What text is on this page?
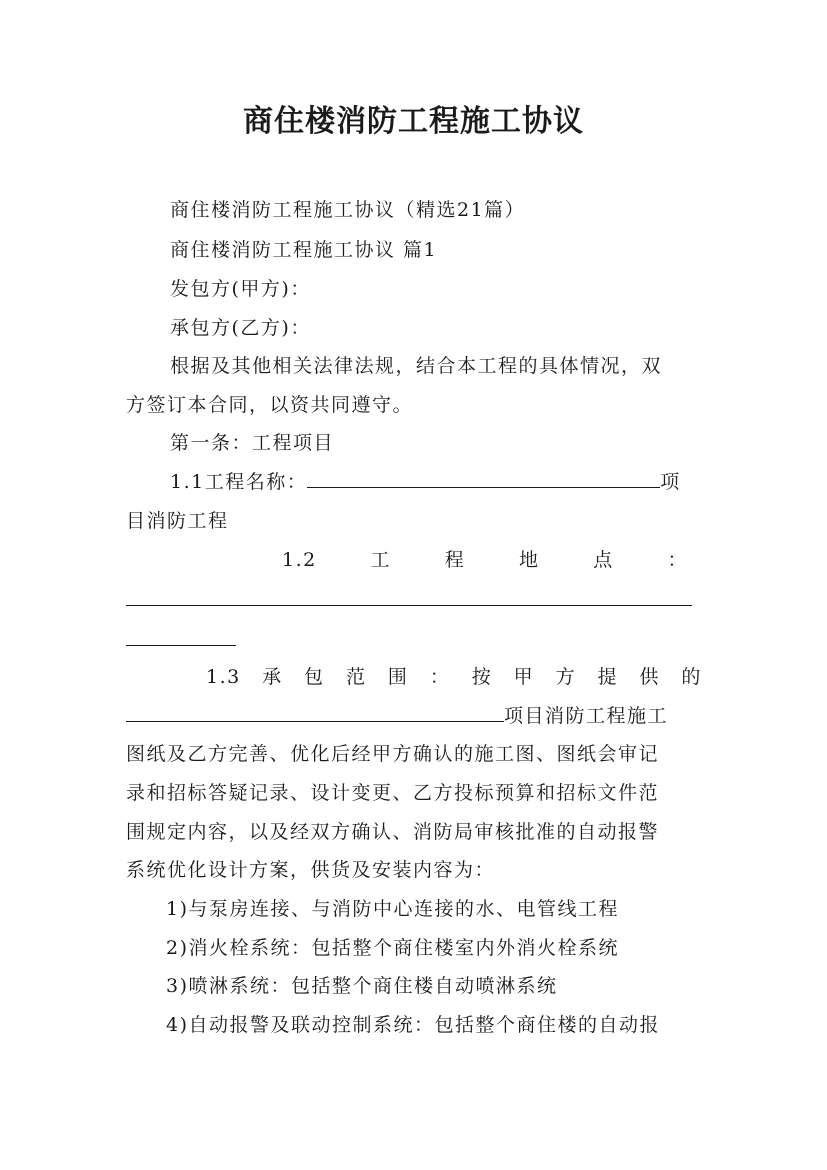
商住楼消防工程施工协议
商住楼消防工程施工协议（精选21篇）
商住楼消防工程施工协议 篇1
发包方(甲方)：
承包方(乙方)：
根据及其他相关法律法规，结合本工程的具体情况，双
方签订本合同，以资共同遵守。
第一条：工程项目
1.1工程名称：	项
目消防工程
1.2	工	程	地	点	：
1.3 承 包 范 围 ： 按 甲 方 提 供 的
项目消防工程施工
图纸及乙方完善、优化后经甲方确认的施工图、图纸会审记
录和招标答疑记录、设计变更、乙方投标预算和招标文件范
围规定内容，以及经双方确认、消防局审核批准的自动报警
系统优化设计方案，供货及安装内容为：
1)与泵房连接、与消防中心连接的水、电管线工程
2)消火栓系统：包括整个商住楼室内外消火栓系统
3)喷淋系统：包括整个商住楼自动喷淋系统
4)自动报警及联动控制系统：包括整个商住楼的自动报
